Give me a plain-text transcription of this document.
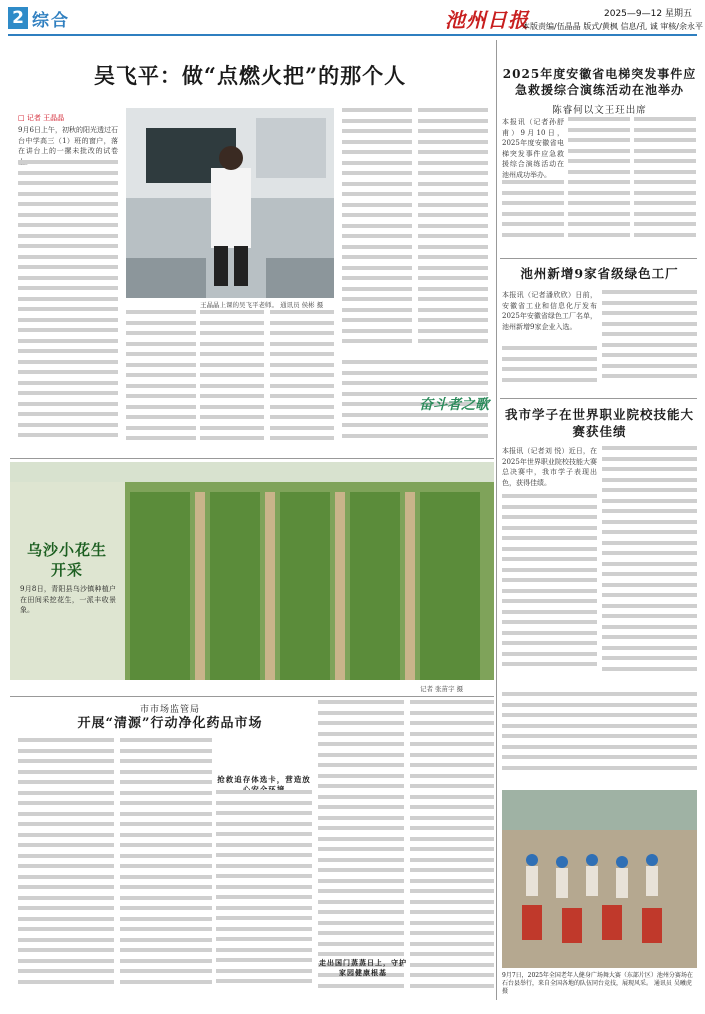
2 综合	池州日报	2025—9—12 星期五
本版责编/伍晶晶 版式/黄枫 信息/孔 诚 审核/余永平
吴飞平：做“点燃火把”的那个人
□ 记者 王晶晶
9月6日上午，初秋的阳光透过石台中学高三（1）班的窗户，落在讲台上的一摞未批改的试卷
王晶晶上课的吴飞平老师。 通讯员 侯彬 摄
奋斗者之歌
2025年度安徽省电梯突发事件应急救援综合演练活动在池举办
陈睿何以文王玨出席
本报讯（记者孙舒甫）9月10日，2025年度安徽省电梯突发事件应急救援综合演练活动在池州成功举办。
池州新增9家省级绿色工厂
本报讯（记者潘欣欣）日前，安徽省工业和信息化厅发布2025年安徽省绿色工厂名单，池州新增9家企业入选。
我市学子在世界职业院校技能大赛获佳绩
本报讯（记者刘 悦）近日，在2025年世界职业院校技能大赛总决赛中，我市学子表现出色，获得佳绩。
9月7日，2025年全国老年人健身广场舞大赛（东部片区）池州分赛场在石台县举行，来自全国各地的队伍同台竞技，展现风采。 通讯员 吴曦虎 摄
乌沙小花生开采
9月8日，青阳县乌沙镇种植户在田间采挖花生，一派丰收景象。
记者 张苗宇 摄
市市场监管局
开展“清源”行动净化药品市场
抢救追存体选卡，营造放
走出国门蒸蒸日上，守护家园健康根基
